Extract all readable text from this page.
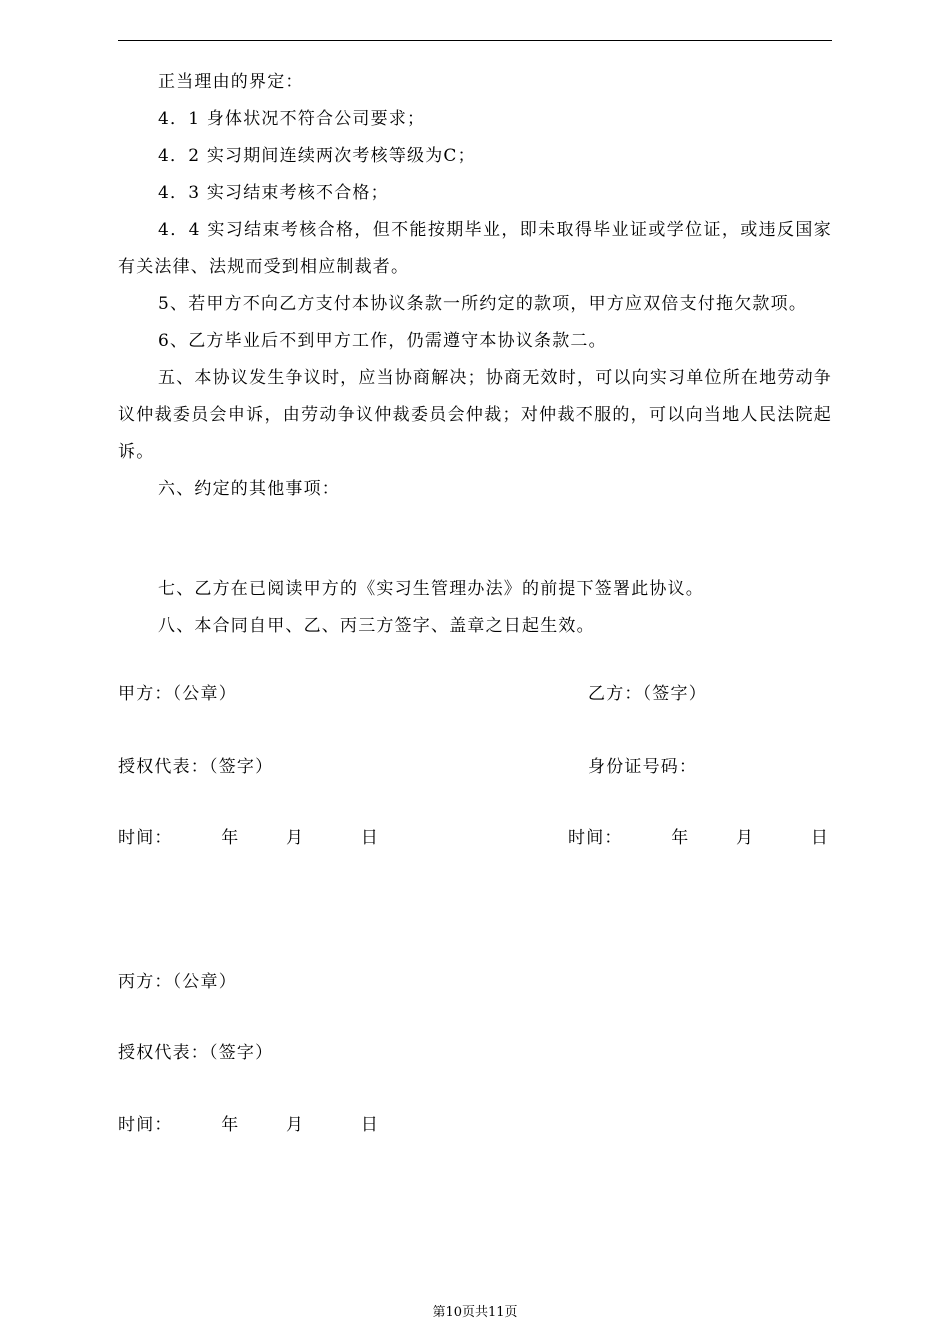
正当理由的界定：

4．1 身体状况不符合公司要求；

4．2 实习期间连续两次考核等级为C；

4．3 实习结束考核不合格；

4．4 实习结束考核合格，但不能按期毕业，即未取得毕业证或学位证，或违反国家有关法律、法规而受到相应制裁者。

5、若甲方不向乙方支付本协议条款一所约定的款项，甲方应双倍支付拖欠款项。

6、乙方毕业后不到甲方工作，仍需遵守本协议条款二。

五、本协议发生争议时，应当协商解决；协商无效时，可以向实习单位所在地劳动争议仲裁委员会申诉，由劳动争议仲裁委员会仲裁；对仲裁不服的，可以向当地人民法院起诉。

六、约定的其他事项：

七、乙方在已阅读甲方的《实习生管理办法》的前提下签署此协议。

八、本合同自甲、乙、丙三方签字、盖章之日起生效。

甲方：（公章）	乙方：（签字）
授权代表：（签字）	身份证号码：
时间：	年	月	日	时间：	年	月	日
丙方：（公章）
授权代表：（签字）
时间：	年	月	日
第10页共11页
